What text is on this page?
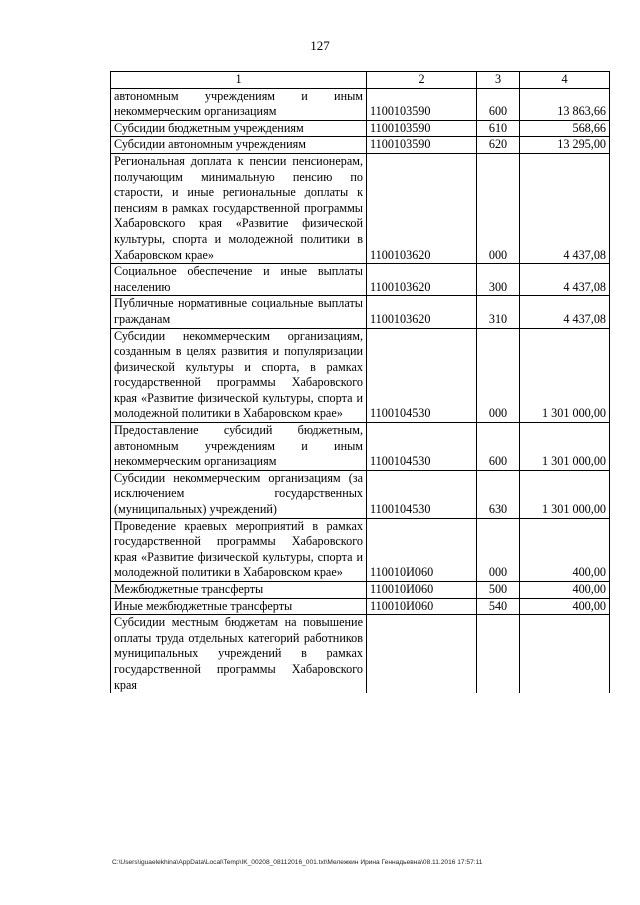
127
1	2	3	4
автономным учреждениям и иным некоммерческим организациям	1100103590	600	13 863,66
Субсидии бюджетным учреждениям	1100103590	610	568,66
Субсидии автономным учреждениям	1100103590	620	13 295,00
Региональная доплата к пенсии пенсионерам, получающим минимальную пенсию по старости, и иные региональные доплаты к пенсиям в рамках государственной программы Хабаровского края «Развитие физической культуры, спорта и молодежной политики в Хабаровском крае»	1100103620	000	4 437,08
Социальное обеспечение и иные выплаты населению	1100103620	300	4 437,08
Публичные нормативные социальные выплаты гражданам	1100103620	310	4 437,08
Субсидии некоммерческим организациям, созданным в целях развития и популяризации физической культуры и спорта, в рамках государственной программы Хабаровского края «Развитие физической культуры, спорта и молодежной политики в Хабаровском крае»	1100104530	000	1 301 000,00
Предоставление субсидий бюджетным, автономным учреждениям и иным некоммерческим организациям	1100104530	600	1 301 000,00
Субсидии некоммерческим организациям (за исключением государственных (муниципальных) учреждений)	1100104530	630	1 301 000,00
Проведение краевых мероприятий в рамках государственной программы Хабаровского края «Развитие физической культуры, спорта и молодежной политики в Хабаровском крае»	110010И060	000	400,00
Межбюджетные трансферты	110010И060	500	400,00
Иные межбюджетные трансферты	110010И060	540	400,00
Субсидии местным бюджетам на повышение оплаты труда отдельных категорий работников муниципальных учреждений в рамках государственной программы Хабаровского края			
C:\Users\iguaelekhina\AppData\Local\Temp\IK_00208_08112016_001.txt\Мележкин Ирина Геннадьевна\08.11.2016 17:57:11
